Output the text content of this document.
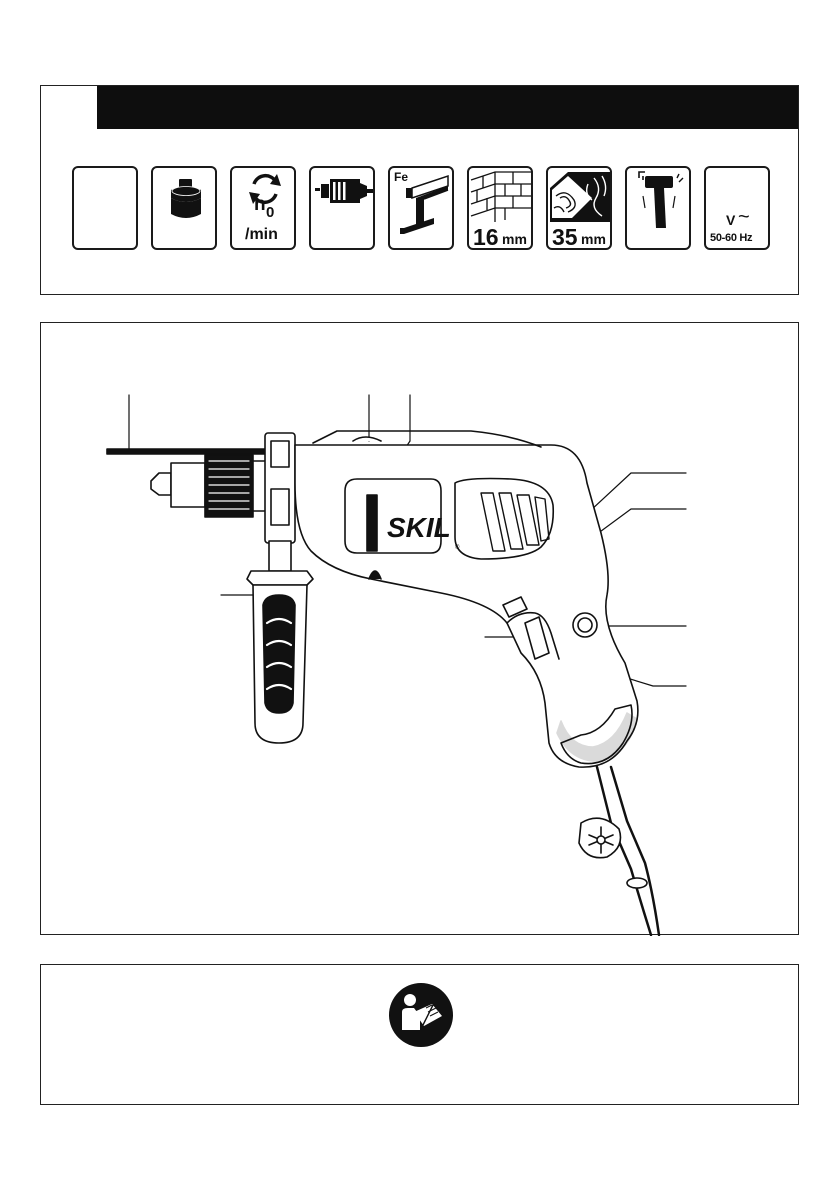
n 0
/min
Fe
16 mm 35 mm
V ~
50-60 Hz
SKIL
®
